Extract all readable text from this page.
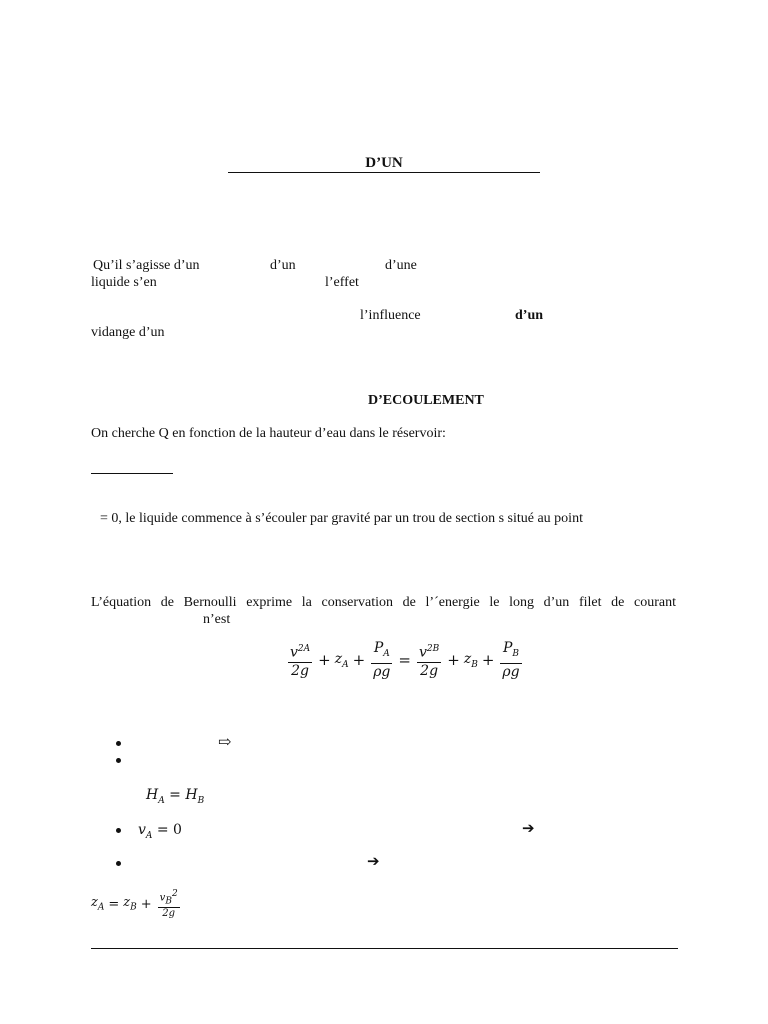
D’UN
Qu’il s’agisse d’un	d’un	d’une
liquide s’en	l’effet
l’influence	d’un
vidange d’un
D’ECOULEMENT
On cherche Q en fonction de la hauteur d’eau dans le réservoir:
= 0, le liquide commence à s’écouler par gravité par un trou de section s situé au point
L’équation de Bernoulli exprime la conservation de l’´energie le long d’un filet de courant
n’est
$\frac{v^{2A}}{2g} + z_A + \frac{P_A}{\rho g} = \frac{v^{2B}}{2g} + z_B + \frac{P_B}{\rho g}$
⇨
$H_A = H_B$
$v_A = 0$	➔
➔
$z_A = z_B + \frac{v_B^2}{2g}$
